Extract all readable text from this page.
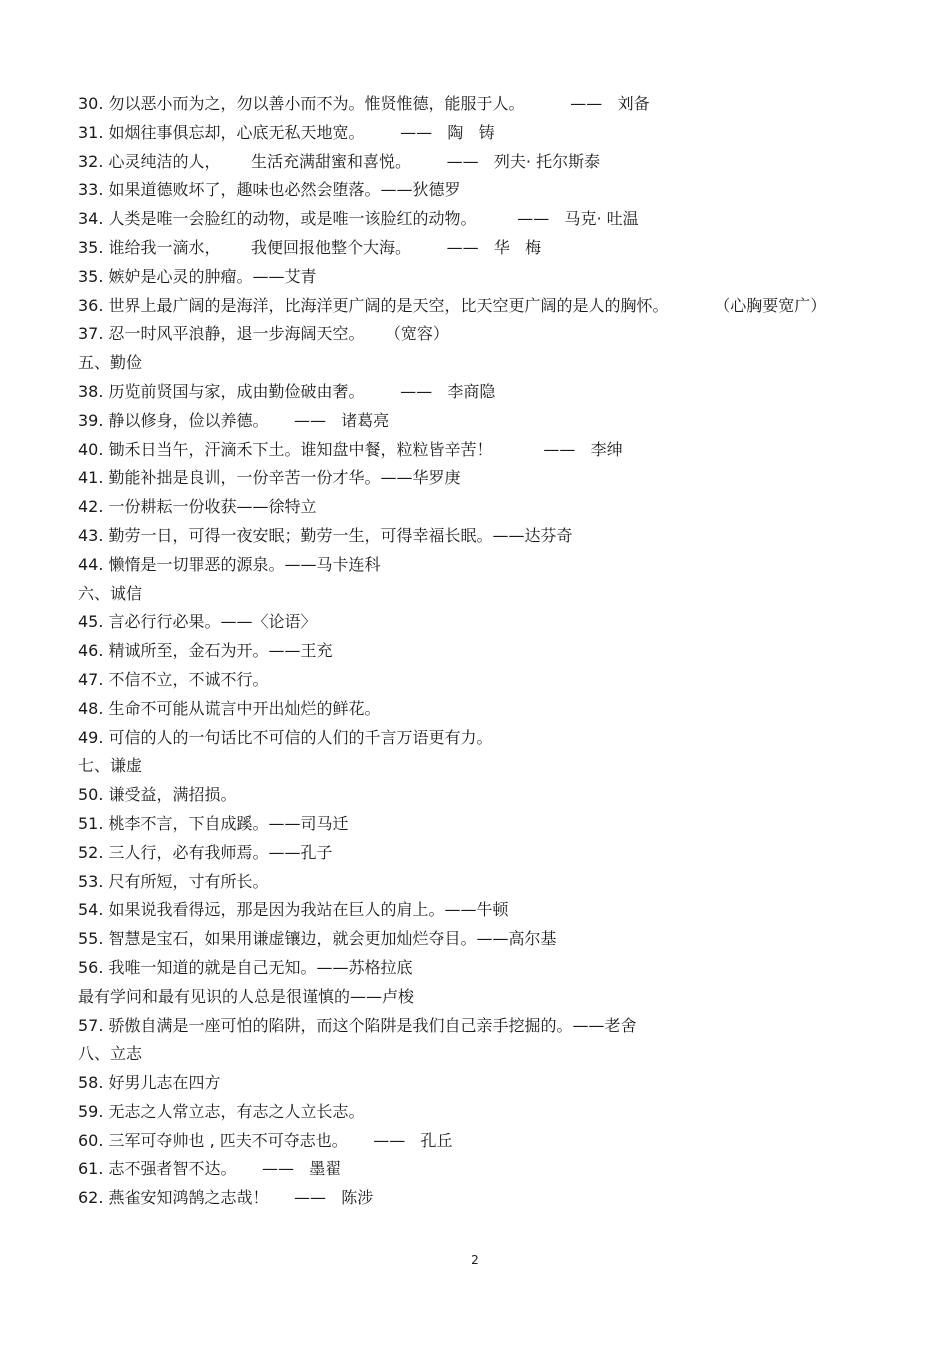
30. 勿以恶小而为之，勿以善小而不为。惟贤惟德，能服于人。         ——   刘备
31. 如烟往事俱忘却，心底无私天地宽。       ——   陶   铸
32. 心灵纯洁的人，      生活充满甜蜜和喜悦。       ——   列夫· 托尔斯泰
33. 如果道德败坏了，趣味也必然会堕落。——狄德罗
34. 人类是唯一会脸红的动物，或是唯一该脸红的动物。        ——   马克· 吐温
35. 谁给我一滴水，      我便回报他整个大海。       ——   华   梅
35. 嫉妒是心灵的肿瘤。——艾青
36. 世界上最广阔的是海洋，比海洋更广阔的是天空，比天空更广阔的是人的胸怀。         （心胸要宽广）
37. 忍一时风平浪静，退一步海阔天空。    （宽容）
五、勤俭
38. 历览前贤国与家，成由勤俭破由奢。       ——   李商隐
39. 静以修身，俭以养德。     ——   诸葛亮
40. 锄禾日当午，汗滴禾下土。谁知盘中餐，粒粒皆辛苦！          ——   李绅
41. 勤能补拙是良训，一份辛苦一份才华。——华罗庚
42. 一份耕耘一份收获——徐特立
43. 勤劳一日，可得一夜安眠；勤劳一生，可得幸福长眠。——达芬奇
44. 懒惰是一切罪恶的源泉。——马卡连科
六、诚信
45. 言必行行必果。——〈论语〉
46. 精诚所至，金石为开。——王充
47. 不信不立，不诚不行。
48. 生命不可能从谎言中开出灿烂的鲜花。
49. 可信的人的一句话比不可信的人们的千言万语更有力。
七、谦虚
50. 谦受益，满招损。
51. 桃李不言，下自成蹊。——司马迁
52. 三人行，必有我师焉。——孔子
53. 尺有所短，寸有所长。
54. 如果说我看得远，那是因为我站在巨人的肩上。——牛顿
55. 智慧是宝石，如果用谦虚镶边，就会更加灿烂夺目。——高尔基
56. 我唯一知道的就是自己无知。——苏格拉底
最有学问和最有见识的人总是很谨慎的——卢梭
57. 骄傲自满是一座可怕的陷阱，而这个陷阱是我们自己亲手挖掘的。——老舍
八、立志
58. 好男儿志在四方
59. 无志之人常立志，有志之人立长志。
60. 三军可夺帅也 , 匹夫不可夺志也。     ——   孔丘
61. 志不强者智不达。     ——   墨翟
62. 燕雀安知鸿鹄之志哉！     ——   陈涉
2
